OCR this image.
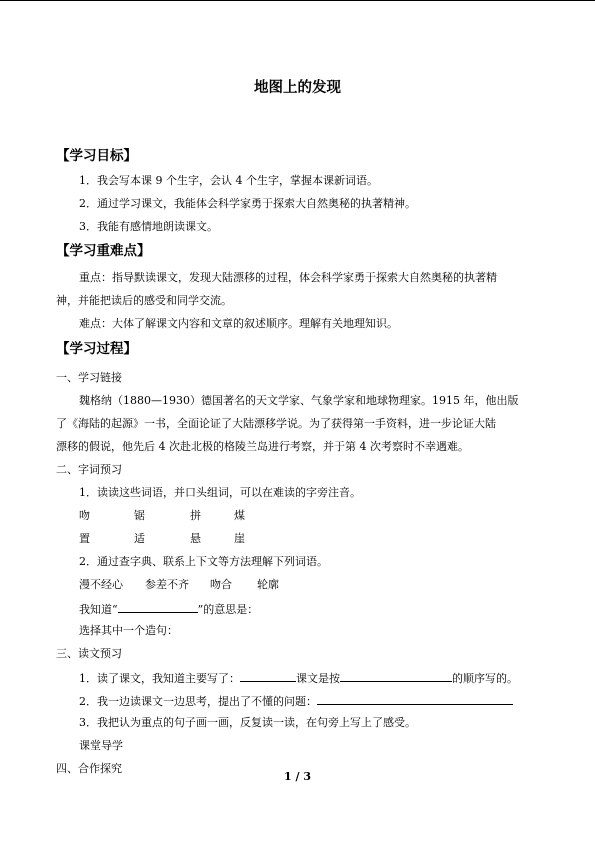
地图上的发现
【学习目标】
1．我会写本课 9 个生字，会认 4 个生字，掌握本课新词语。
2．通过学习课文，我能体会科学家勇于探索大自然奥秘的执著精神。
3．我能有感情地朗读课文。
【学习重难点】
重点：指导默读课文，发现大陆漂移的过程，体会科学家勇于探索大自然奥秘的执著精
神，并能把读后的感受和同学交流。
难点：大体了解课文内容和文章的叙述顺序。理解有关地理知识。
【学习过程】
一、学习链接
魏格纳（1880—1930）德国著名的天文学家、气象学家和地球物理家。1915 年，他出版
了《海陆的起源》一书，全面论证了大陆漂移学说。为了获得第一手资料，进一步论证大陆
漂移的假说，他先后 4 次赴北极的格陵兰岛进行考察，并于第 4 次考察时不幸遇难。
二、字词预习
1．读读这些词语，并口头组词，可以在难读的字旁注音。
吻	锯	拼	煤
置	适	悬	崖
2．通过查字典、联系上下文等方法理解下列词语。
漫不经心 参差不齐 吻合 轮廓
我知道“	”的意思是：
选择其中一个造句：
三、读文预习
1．读了课文，我知道主要写了：	课文是按	的顺序写的。
2．我一边读课文一边思考，提出了不懂的问题：
3．我把认为重点的句子画一画，反复读一读，在句旁上写上了感受。
课堂导学
四、合作探究
1 / 3
